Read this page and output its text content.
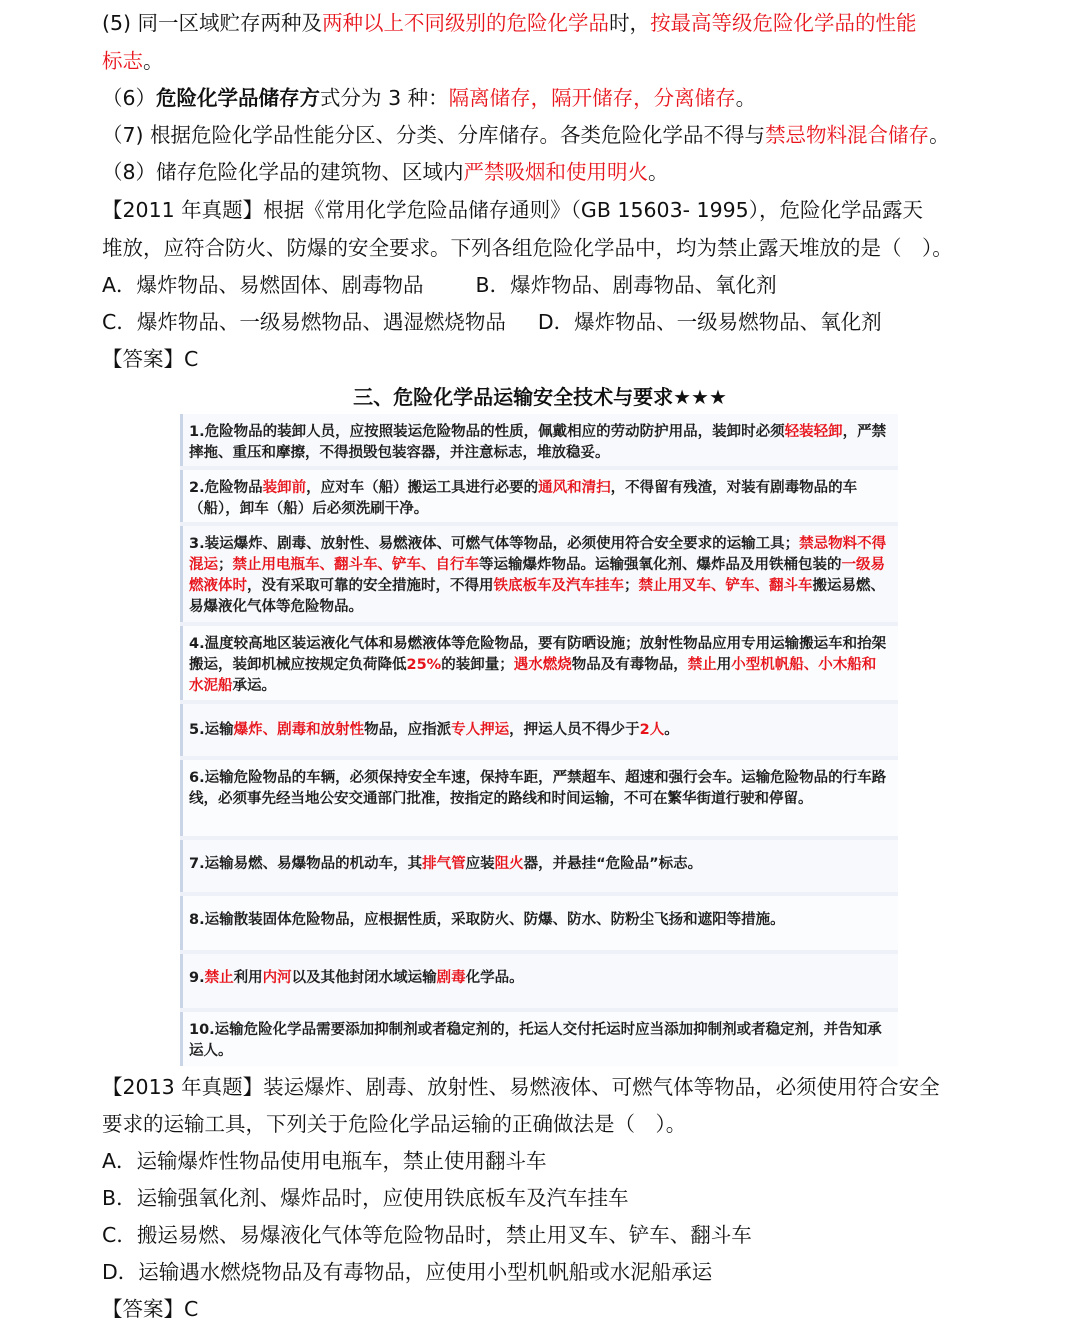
(5) 同一区域贮存两种及两种以上不同级别的危险化学品时，按最高等级危险化学品的性能
标志。
（6）危险化学品储存方式分为 3 种：隔离储存，隔开储存，分离储存。
（7) 根据危险化学品性能分区、分类、分库储存。各类危险化学品不得与禁忌物料混合储存。
（8）储存危险化学品的建筑物、区域内严禁吸烟和使用明火。
【2011 年真题】根据《常用化学危险品储存通则》（GB 15603- 1995），危险化学品露天
堆放，应符合防火、防爆的安全要求。下列各组危险化学品中，均为禁止露天堆放的是（　）。
A．爆炸物品、易燃固体、剧毒物品	B．爆炸物品、剧毒物品、氧化剂
C．爆炸物品、一级易燃物品、遇湿燃烧物品 D．爆炸物品、一级易燃物品、氧化剂
【答案】C
三、危险化学品运输安全技术与要求★★★
1.危险物品的装卸人员，应按照装运危险物品的性质，佩戴相应的劳动防护用品，装卸时必须轻装轻卸，严禁摔拖、重压和摩擦，不得损毁包装容器，并注意标志，堆放稳妥。
2.危险物品装卸前，应对车（船）搬运工具进行必要的通风和清扫，不得留有残渣，对装有剧毒物品的车（船），卸车（船）后必须洗刷干净。
3.装运爆炸、剧毒、放射性、易燃液体、可燃气体等物品，必须使用符合安全要求的运输工具；禁忌物料不得混运；禁止用电瓶车、翻斗车、铲车、自行车等运输爆炸物品。运输强氧化剂、爆炸品及用铁桶包装的一级易燃液体时，没有采取可靠的安全措施时，不得用铁底板车及汽车挂车；禁止用叉车、铲车、翻斗车搬运易燃、易爆液化气体等危险物品。
4.温度较高地区装运液化气体和易燃液体等危险物品，要有防晒设施；放射性物品应用专用运输搬运车和抬架搬运，装卸机械应按规定负荷降低25%的装卸量；遇水燃烧物品及有毒物品，禁止用小型机帆船、小木船和水泥船承运。
5.运输爆炸、剧毒和放射性物品，应指派专人押运，押运人员不得少于2人。
6.运输危险物品的车辆，必须保持安全车速，保持车距，严禁超车、超速和强行会车。运输危险物品的行车路线，必须事先经当地公安交通部门批准，按指定的路线和时间运输，不可在繁华街道行驶和停留。
7.运输易燃、易爆物品的机动车，其排气管应装阻火器，并悬挂“危险品”标志。
8.运输散装固体危险物品，应根据性质，采取防火、防爆、防水、防粉尘飞扬和遮阳等措施。
9.禁止利用内河以及其他封闭水域运输剧毒化学品。
10.运输危险化学品需要添加抑制剂或者稳定剂的，托运人交付托运时应当添加抑制剂或者稳定剂，并告知承运人。
【2013 年真题】装运爆炸、剧毒、放射性、易燃液体、可燃气体等物品，必须使用符合安全
要求的运输工具，下列关于危险化学品运输的正确做法是（　）。
A．运输爆炸性物品使用电瓶车，禁止使用翻斗车
B．运输强氧化剂、爆炸品时，应使用铁底板车及汽车挂车
C．搬运易燃、易爆液化气体等危险物品时，禁止用叉车、铲车、翻斗车
D．运输遇水燃烧物品及有毒物品，应使用小型机帆船或水泥船承运
【答案】C
